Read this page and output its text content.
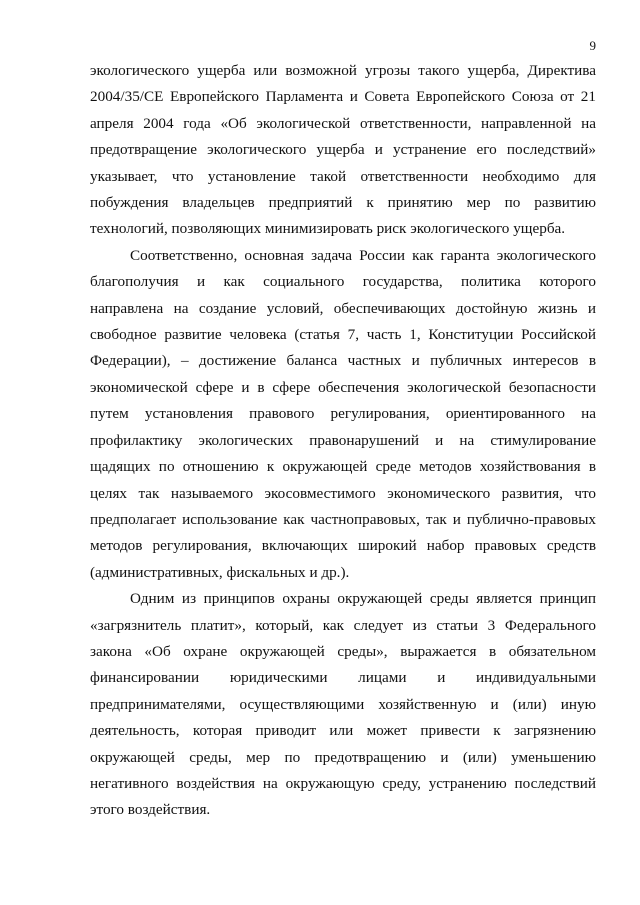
9

экологического ущерба или возможной угрозы такого ущерба, Директива
2004/35/CE Европейского Парламента и Совета Европейского Союза от 21
апреля 2004 года «Об экологической ответственности, направленной на
предотвращение экологического ущерба и устранение его последствий»
указывает, что установление такой ответственности необходимо для
побуждения владельцев предприятий к принятию мер по развитию
технологий, позволяющих минимизировать риск экологического ущерба.

Соответственно, основная задача России как гаранта экологического
благополучия и как социального государства, политика которого
направлена на создание условий, обеспечивающих достойную жизнь и
свободное развитие человека (статья 7, часть 1, Конституции Российской
Федерации), – достижение баланса частных и публичных интересов в
экономической сфере и в сфере обеспечения экологической безопасности
путем установления правового регулирования, ориентированного на
профилактику экологических правонарушений и на стимулирование
щадящих по отношению к окружающей среде методов хозяйствования в
целях так называемого экосовместимого экономического развития, что
предполагает использование как частноправовых, так и публично-правовых
методов регулирования, включающих широкий набор правовых средств
(административных, фискальных и др.).

Одним из принципов охраны окружающей среды является принцип
«загрязнитель платит», который, как следует из статьи 3 Федерального
закона «Об охране окружающей среды», выражается в обязательном
финансировании юридическими лицами и индивидуальными
предпринимателями, осуществляющими хозяйственную и (или) иную
деятельность, которая приводит или может привести к загрязнению
окружающей среды, мер по предотвращению и (или) уменьшению
негативного воздействия на окружающую среду, устранению последствий
этого воздействия.
